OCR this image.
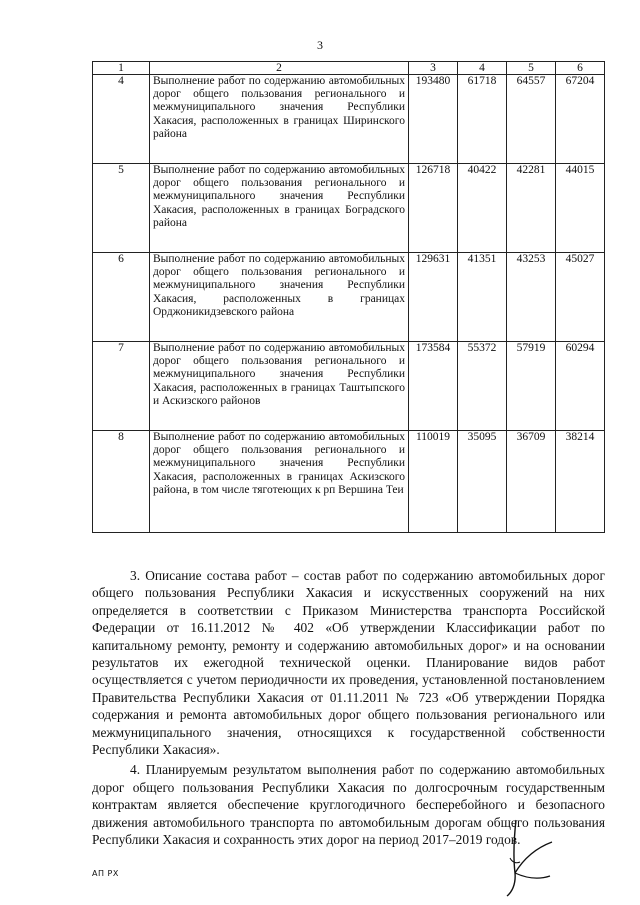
3
1	2	3	4	5	6
4	Выполнение работ по содержанию автомобильных дорог общего пользования регионального и межмуниципального значения Республики Хакасия, расположенных в границах Ширинского района	193480	61718	64557	67204
5	Выполнение работ по содержанию автомобильных дорог общего пользования регионального и межмуниципального значения Республики Хакасия, расположенных в границах Боградского района	126718	40422	42281	44015
6	Выполнение работ по содержанию автомобильных дорог общего пользования регионального и межмуниципального значения Республики Хакасия, расположенных в границах Орджоникидзевского района	129631	41351	43253	45027
7	Выполнение работ по содержанию автомобильных дорог общего пользования регионального и межмуниципального значения Республики Хакасия, расположенных в границах Таштыпского и Аскизского районов	173584	55372	57919	60294
8	Выполнение работ по содержанию автомобильных дорог общего пользования регионального и межмуниципального значения Республики Хакасия, расположенных в границах Аскизского района, в том числе тяготеющих к рп Вершина Теи	110019	35095	36709	38214

3. Описание состава работ – состав работ по содержанию автомобильных дорог общего пользования Республики Хакасия и искусственных сооружений на них определяется в соответствии с Приказом Министерства транспорта Российской Федерации от 16.11.2012 № 402 «Об утверждении Классификации работ по капитальному ремонту, ремонту и содержанию автомобильных дорог» и на основании результатов их ежегодной технической оценки. Планирование видов работ осуществляется с учетом периодичности их проведения, установленной постановлением Правительства Республики Хакасия от 01.11.2011 № 723 «Об утверждении Порядка содержания и ремонта автомобильных дорог общего пользования регионального или межмуниципального значения, относящихся к государственной собственности Республики Хакасия».

4. Планируемым результатом выполнения работ по содержанию автомобильных дорог общего пользования Республики Хакасия по долгосрочным государственным контрактам является обеспечение круглогодичного бесперебойного и безопасного движения автомобильного транспорта по автомобильным дорогам общего пользования Республики Хакасия и сохранность этих дорог на период 2017–2019 годов.

АП РХ
